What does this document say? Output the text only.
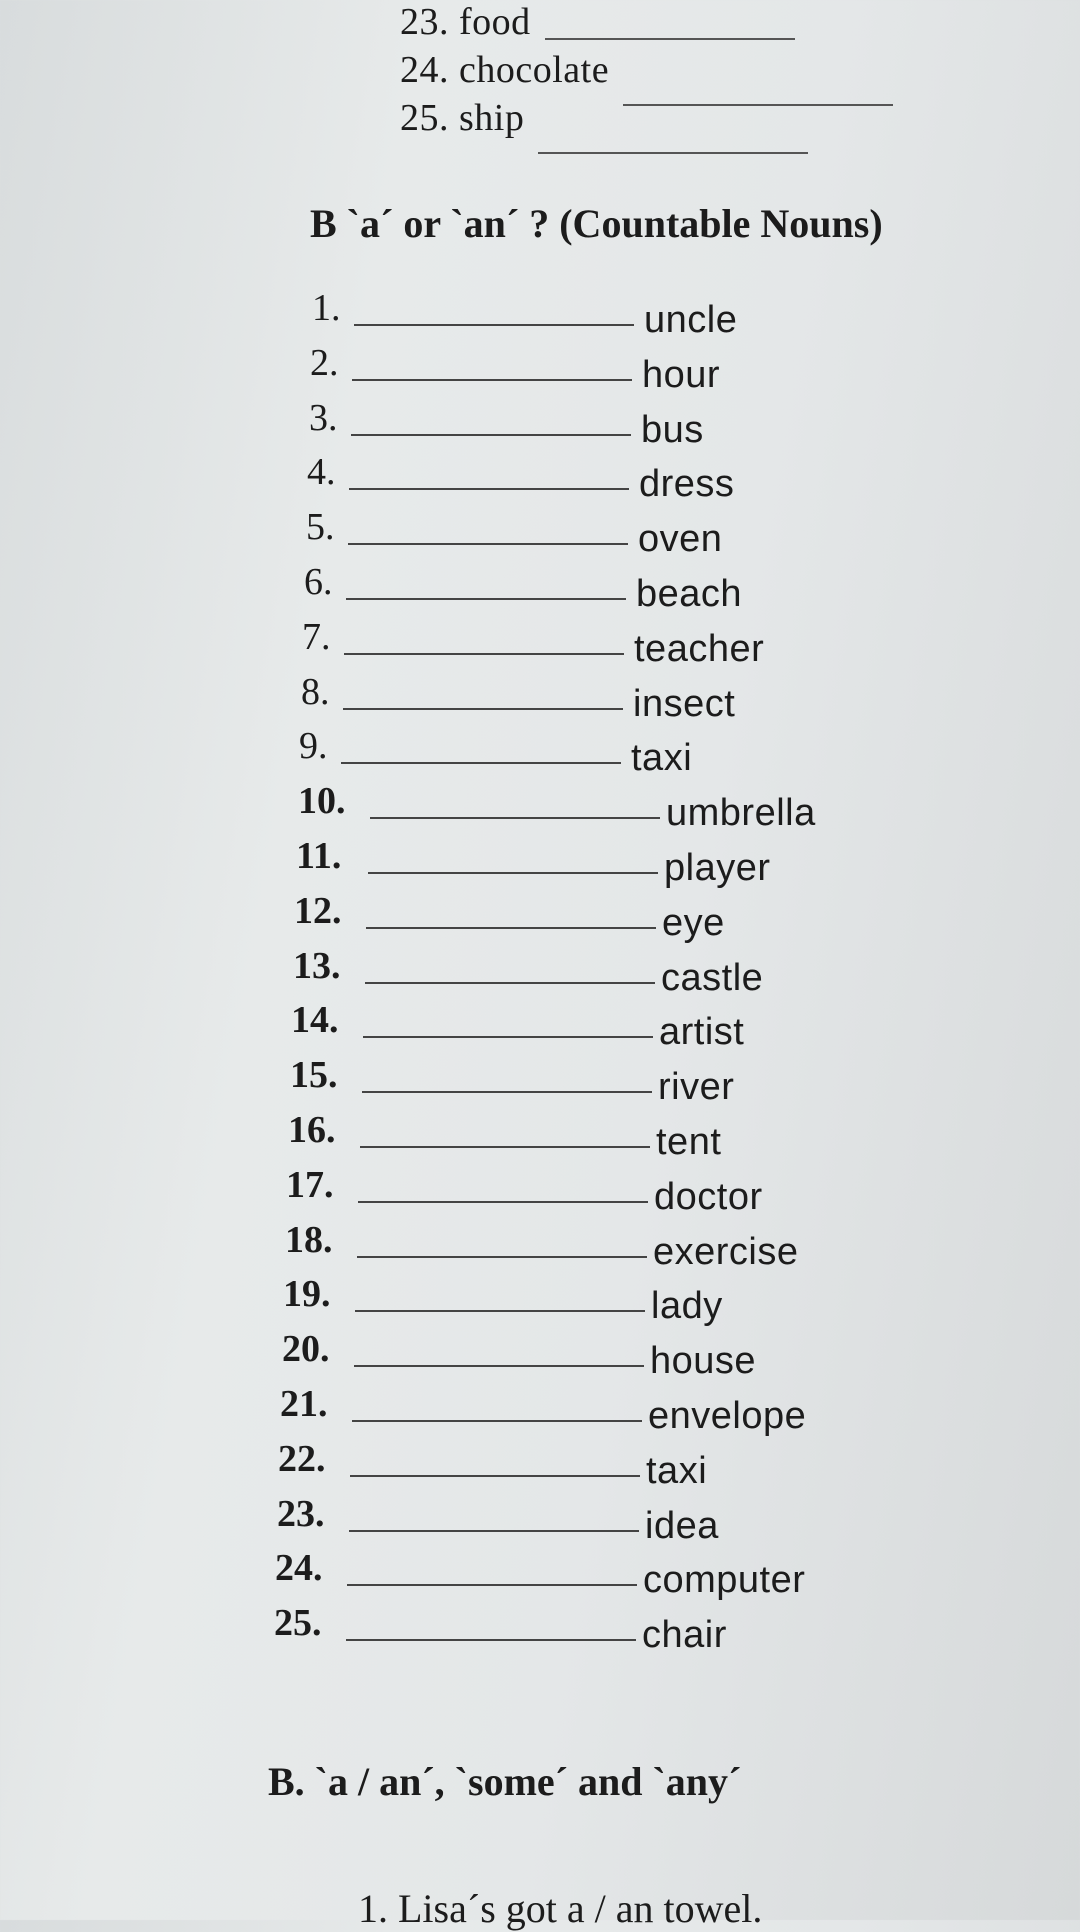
23. food
24. chocolate
25. ship
B `a´ or `an´ ? (Countable Nouns)
1.	uncle
2.	hour
3.	bus
4.	dress
5.	oven
6.	beach
7.	teacher
8.	insect
9.	taxi
10.	umbrella
11.	player
12.	eye
13.	castle
14.	artist
15.	river
16.	tent
17.	doctor
18.	exercise
19.	lady
20.	house
21.	envelope
22.	taxi
23.	idea
24.	computer
25.	chair
B. `a / an´, `some´ and `any´
1. Lisa´s got a / an towel.
